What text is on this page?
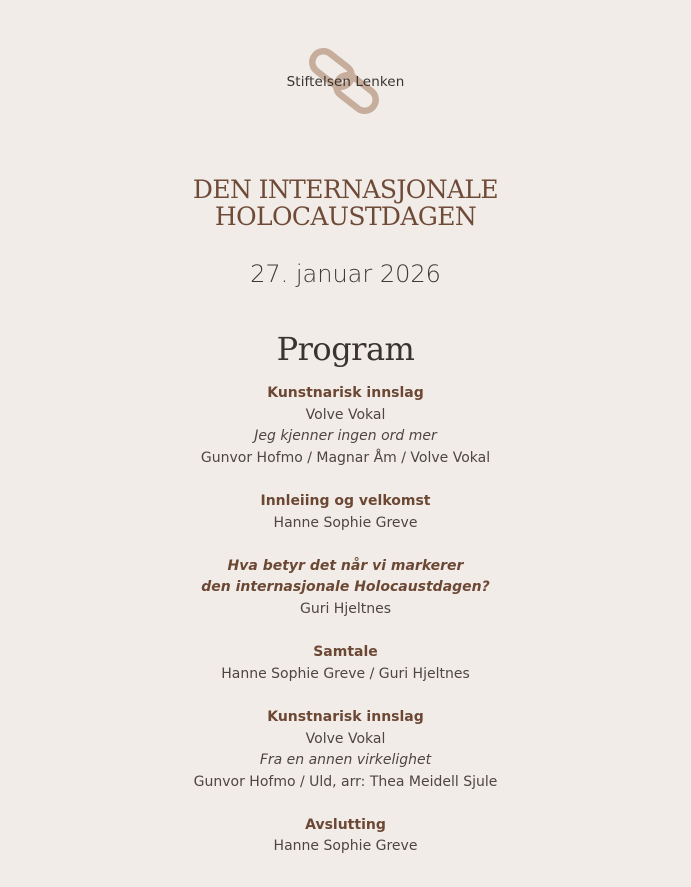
Stiftelsen Lenken
DEN INTERNASJONALE
HOLOCAUSTDAGEN
27. januar 2026
Program
Kunstnarisk innslag
Volve Vokal
Jeg kjenner ingen ord mer
Gunvor Hofmo / Magnar Åm / Volve Vokal
Innleiing og velkomst
Hanne Sophie Greve
Hva betyr det når vi markerer
den internasjonale Holocaustdagen?
Guri Hjeltnes
Samtale
Hanne Sophie Greve / Guri Hjeltnes
Kunstnarisk innslag
Volve Vokal
Fra en annen virkelighet
Gunvor Hofmo / Uld, arr: Thea Meidell Sjule
Avslutting
Hanne Sophie Greve
